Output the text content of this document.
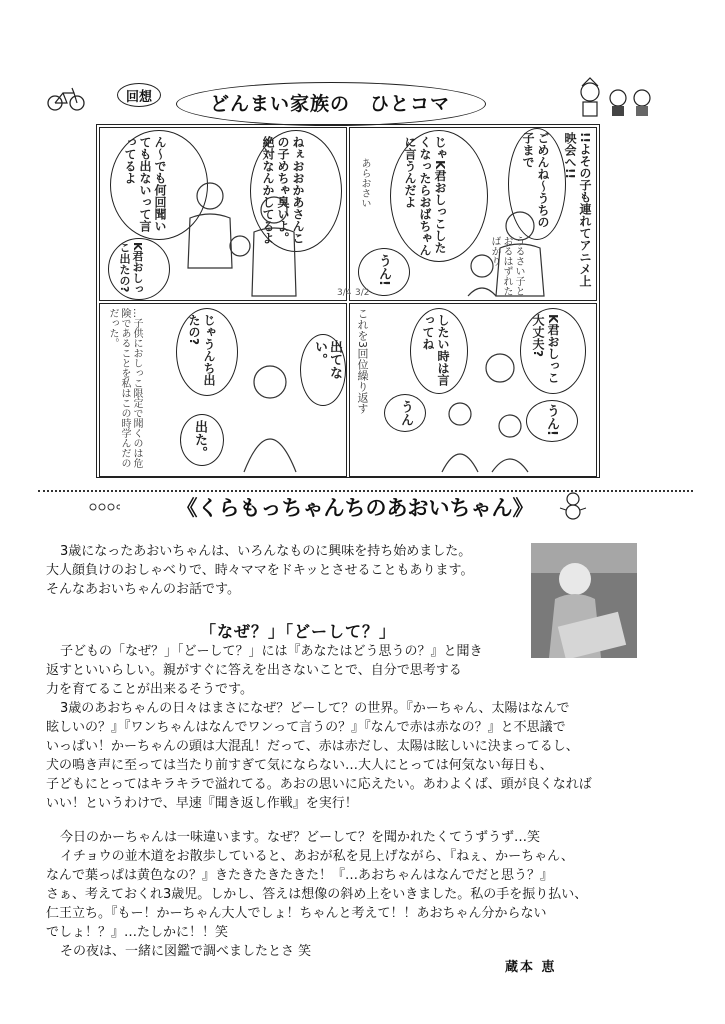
回想	どんまい家族の　ひとコマ
!!よその子も連れてアニメ上映会へ!!
ごめんね～うちの子まで
じゃK君おしっこしたくなったらおばちゃんに言うんだよ
うるさい子とおるはずれたばかり
あらおさい
うん!
ねぇおおかあさんこの子めちゃ臭いよ。絶対なんかしてるよ
ん～でも何回聞いても出ないって言ってるよ
K君おしっこ出たの?
K君おしっこ大丈夫?
うん!
したい時は言ってね
うん
これを3回位繰り返す
じゃうんち出たの?
出てない。
出た。
…子供におしっこ限定で聞くのは危険であることを私はこの時学んだのだった。
《くらもっちゃんちのあおいちゃん》
3歳になったあおいちゃんは、いろんなものに興味を持ち始めました。
大人顔負けのおしゃべりで、時々ママをドキッとさせることもあります。
そんなあおいちゃんのお話です。
「なぜ？」「どーして？」
子どもの「なぜ？」「どーして？」には『あなたはどう思うの？』と聞き
返すといいらしい。親がすぐに答えを出さないことで、自分で思考する
力を育てることが出来るそうです。
3歳のあおちゃんの日々はまさになぜ？どーして？の世界。『かーちゃん、太陽はなんで
眩しいの？』『ワンちゃんはなんでワンって言うの？』『なんで赤は赤なの？』と不思議で
いっぱい！かーちゃんの頭は大混乱！だって、赤は赤だし、太陽は眩しいに決まってるし、
犬の鳴き声に至っては当たり前すぎて気にならない…大人にとっては何気ない毎日も、
子どもにとってはキラキラで溢れてる。あおの思いに応えたい。あわよくば、頭が良くなれば
いい！というわけで、早速『聞き返し作戦』を実行！
今日のかーちゃんは一味違います。なぜ？どーして？を聞かれたくてうずうず…笑
イチョウの並木道をお散歩していると、あおが私を見上げながら、『ねぇ、かーちゃん、
なんで葉っぱは黄色なの？』きたきたきたきた！『…あおちゃんはなんでだと思う？』
さぁ、考えておくれ3歳児。しかし、答えは想像の斜め上をいきました。私の手を振り払い、
仁王立ち。『もー！かーちゃん大人でしょ！ちゃんと考えて！！あおちゃん分からない
でしょ！？』…たしかに！！笑
その夜は、一緒に図鑑で調べましたとさ 笑
蔵本 恵
3/4 3/2
